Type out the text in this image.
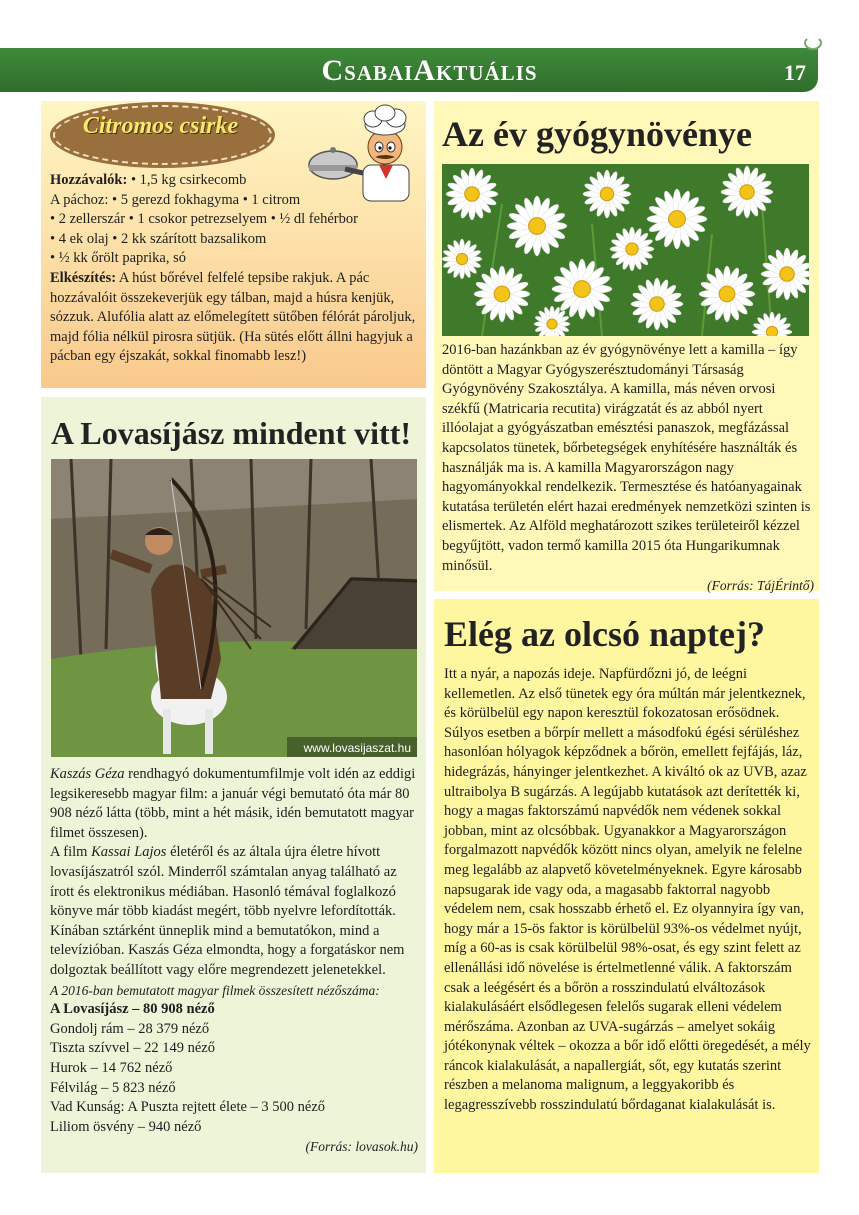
CsabaiAktuális	17
Citromos csirke
Hozzávalók: • 1,5 kg csirkecomb
A páchoz: • 5 gerezd fokhagyma • 1 citrom
• 2 zellerszár • 1 csokor petrezselyem • ½ dl fehérbor
• 4 ek olaj • 2 kk szárított bazsalikom
• ½ kk őrölt paprika, só
Elkészítés: A húst bőrével felfelé tepsibe rakjuk. A pác hozzávalóit összekeverjük egy tálban, majd a húsra kenjük, sózzuk. Alufólia alatt az előmelegített sütőben félórát pároljuk, majd fólia nélkül pirosra sütjük. (Ha sütés előtt állni hagyjuk a pácban egy éjszakát, sokkal finomabb lesz!)
A Lovasíjász mindent vitt!
www.lovasijaszat.hu
Kaszás Géza rendhagyó dokumentumfilmje volt idén az eddigi legsikeresebb magyar film: a január végi bemutató óta már 80 908 néző látta (több, mint a hét másik, idén bemutatott magyar filmet összesen).
A film Kassai Lajos életéről és az általa újra életre hívott lovasíjászatról szól. Minderről számtalan anyag található az írott és elektronikus médiában. Hasonló témával foglalkozó könyve már több kiadást megért, több nyelvre lefordították. Kínában sztárként ünneplik mind a bemutatókon, mind a televízióban. Kaszás Géza elmondta, hogy a forgatáskor nem dolgoztak beállított vagy előre megrendezett jelenetekkel.
A 2016-ban bemutatott magyar filmek összesített nézőszáma:
A Lovasíjász – 80 908 néző
Gondolj rám – 28 379 néző
Tiszta szívvel – 22 149 néző
Hurok – 14 762 néző
Félvilág – 5 823 néző
Vad Kunság: A Puszta rejtett élete – 3 500 néző
Liliom ösvény – 940 néző
(Forrás: lovasok.hu)
Az év gyógynövénye
2016-ban hazánkban az év gyógynövénye lett a kamilla – így döntött a Magyar Gyógyszerésztudományi Társaság Gyógynövény Szakosztálya. A kamilla, más néven orvosi székfű (Matricaria recutita) virágzatát és az abból nyert illóolajat a gyógyászatban emésztési panaszok, megfázással kapcsolatos tünetek, bőrbetegségek enyhítésére használták és használják ma is. A kamilla Magyarországon nagy hagyományokkal rendelkezik. Termesztése és hatóanyagainak kutatása területén elért hazai eredmények nemzetközi szinten is elismertek. Az Alföld meghatározott szikes területeiről kézzel begyűjtött, vadon termő kamilla 2015 óta Hungarikumnak minősül.
(Forrás: TájÉrintő)
Elég az olcsó naptej?
Itt a nyár, a napozás ideje. Napfürdőzni jó, de leégni kellemetlen. Az első tünetek egy óra múltán már jelentkeznek, és körülbelül egy napon keresztül fokozatosan erősödnek. Súlyos esetben a bőrpír mellett a másodfokú égési sérüléshez hasonlóan hólyagok képződnek a bőrön, emellett fejfájás, láz, hidegrázás, hányinger jelentkezhet. A kiváltó ok az UVB, azaz ultraibolya B sugárzás. A legújabb kutatások azt derítették ki, hogy a magas faktorszámú napvédők nem védenek sokkal jobban, mint az olcsóbbak. Ugyanakkor a Magyarországon forgalmazott napvédők között nincs olyan, amelyik ne felelne meg legalább az alapvető követelményeknek. Egyre károsabb napsugarak ide vagy oda, a magasabb faktorral nagyobb védelem nem, csak hosszabb érhető el. Ez olyannyira így van, hogy már a 15-ös faktor is körülbelül 93%-os védelmet nyújt, míg a 60-as is csak körülbelül 98%-osat, és egy szint felett az ellenállási idő növelése is értelmetlenné válik. A faktorszám csak a leégésért és a bőrön a rosszindulatú elváltozások kialakulásáért elsődlegesen felelős sugarak elleni védelem mérőszáma. Azonban az UVA-sugárzás – amelyet sokáig jótékonynak véltek – okozza a bőr idő előtti öregedését, a mély ráncok kialakulását, a napallergiát, sőt, egy kutatás szerint részben a melanoma malignum, a leggyakoribb és legagresszívebb rosszindulatú bőrdaganat kialakulását is.
